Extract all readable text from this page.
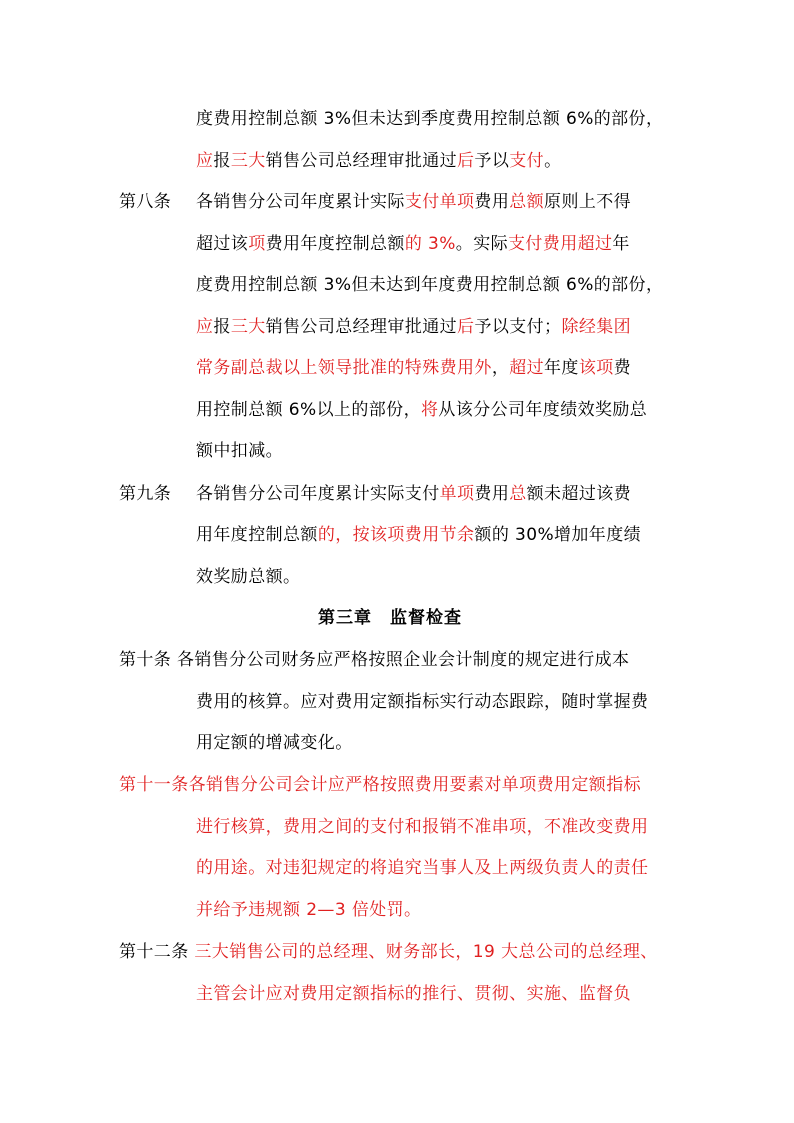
度费用控制总额 3%但未达到季度费用控制总额 6%的部份，
应报三大销售公司总经理审批通过后予以支付。
第八条 各销售分公司年度累计实际支付单项费用总额原则上不得
超过该项费用年度控制总额的 3%。实际支付费用超过年
度费用控制总额 3%但未达到年度费用控制总额 6%的部份，
应报三大销售公司总经理审批通过后予以支付；除经集团
常务副总裁以上领导批准的特殊费用外，超过年度该项费
用控制总额 6%以上的部份，将从该分公司年度绩效奖励总
额中扣减。
第九条 各销售分公司年度累计实际支付单项费用总额未超过该费
用年度控制总额的，按该项费用节余额的 30%增加年度绩
效奖励总额。
第三章　监督检查
第十条 各销售分公司财务应严格按照企业会计制度的规定进行成本
费用的核算。应对费用定额指标实行动态跟踪，随时掌握费
用定额的增减变化。
第十一条各销售分公司会计应严格按照费用要素对单项费用定额指标
进行核算，费用之间的支付和报销不准串项，不准改变费用
的用途。对违犯规定的将追究当事人及上两级负责人的责任
并给予违规额 2—3 倍处罚。
第十二条 三大销售公司的总经理、财务部长，19 大总公司的总经理、
主管会计应对费用定额指标的推行、贯彻、实施、监督负
